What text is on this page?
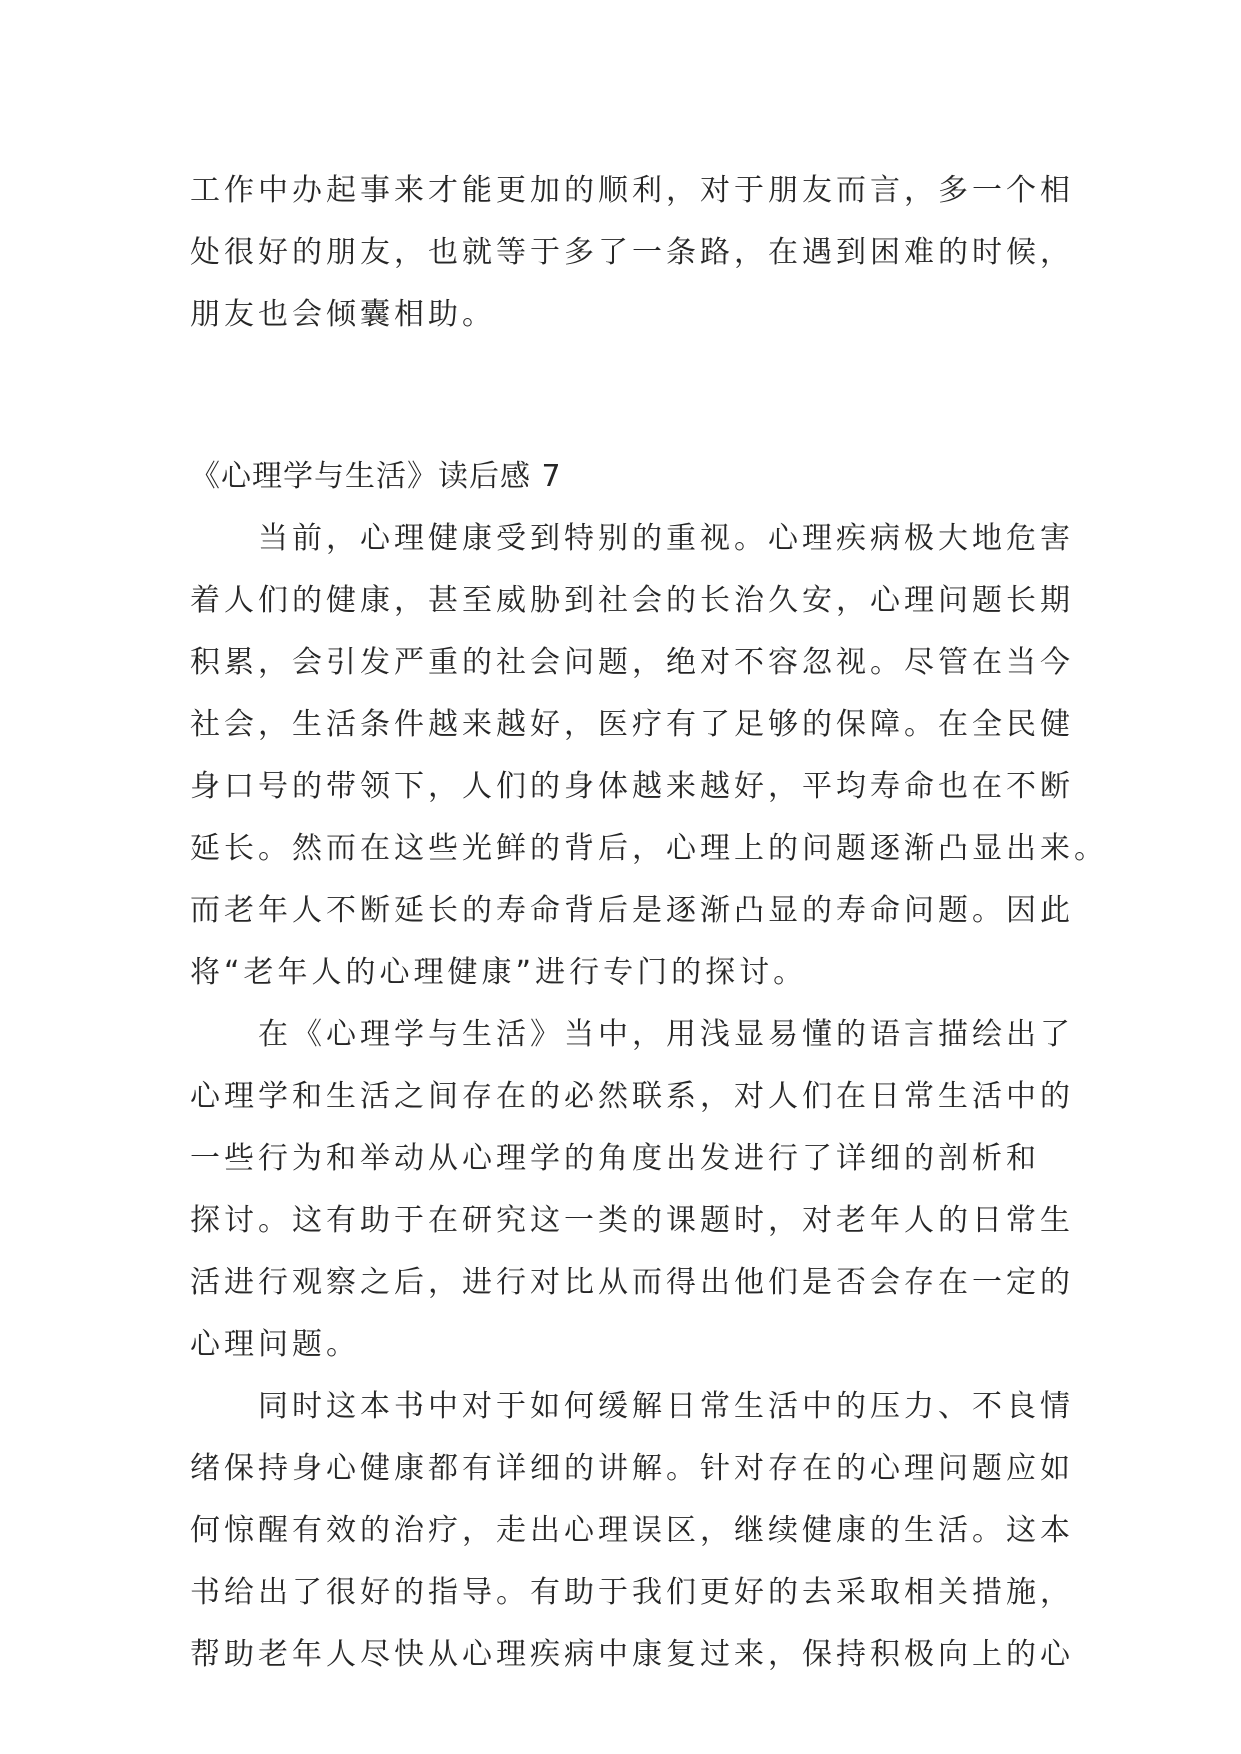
工作中办起事来才能更加的顺利，对于朋友而言，多一个相
处很好的朋友，也就等于多了一条路，在遇到困难的时候，
朋友也会倾囊相助。
《心理学与生活》读后感 7
　　当前，心理健康受到特别的重视。心理疾病极大地危害
着人们的健康，甚至威胁到社会的长治久安，心理问题长期
积累，会引发严重的社会问题，绝对不容忽视。尽管在当今
社会，生活条件越来越好，医疗有了足够的保障。在全民健
身口号的带领下，人们的身体越来越好，平均寿命也在不断
延长。然而在这些光鲜的背后，心理上的问题逐渐凸显出来。
而老年人不断延长的寿命背后是逐渐凸显的寿命问题。因此
将“老年人的心理健康”进行专门的探讨。
　　在《心理学与生活》当中，用浅显易懂的语言描绘出了
心理学和生活之间存在的必然联系，对人们在日常生活中的
一些行为和举动从心理学的角度出发进行了详细的剖析和
探讨。这有助于在研究这一类的课题时，对老年人的日常生
活进行观察之后，进行对比从而得出他们是否会存在一定的
心理问题。
　　同时这本书中对于如何缓解日常生活中的压力、不良情
绪保持身心健康都有详细的讲解。针对存在的心理问题应如
何惊醒有效的治疗，走出心理误区，继续健康的生活。这本
书给出了很好的指导。有助于我们更好的去采取相关措施，
帮助老年人尽快从心理疾病中康复过来，保持积极向上的心
